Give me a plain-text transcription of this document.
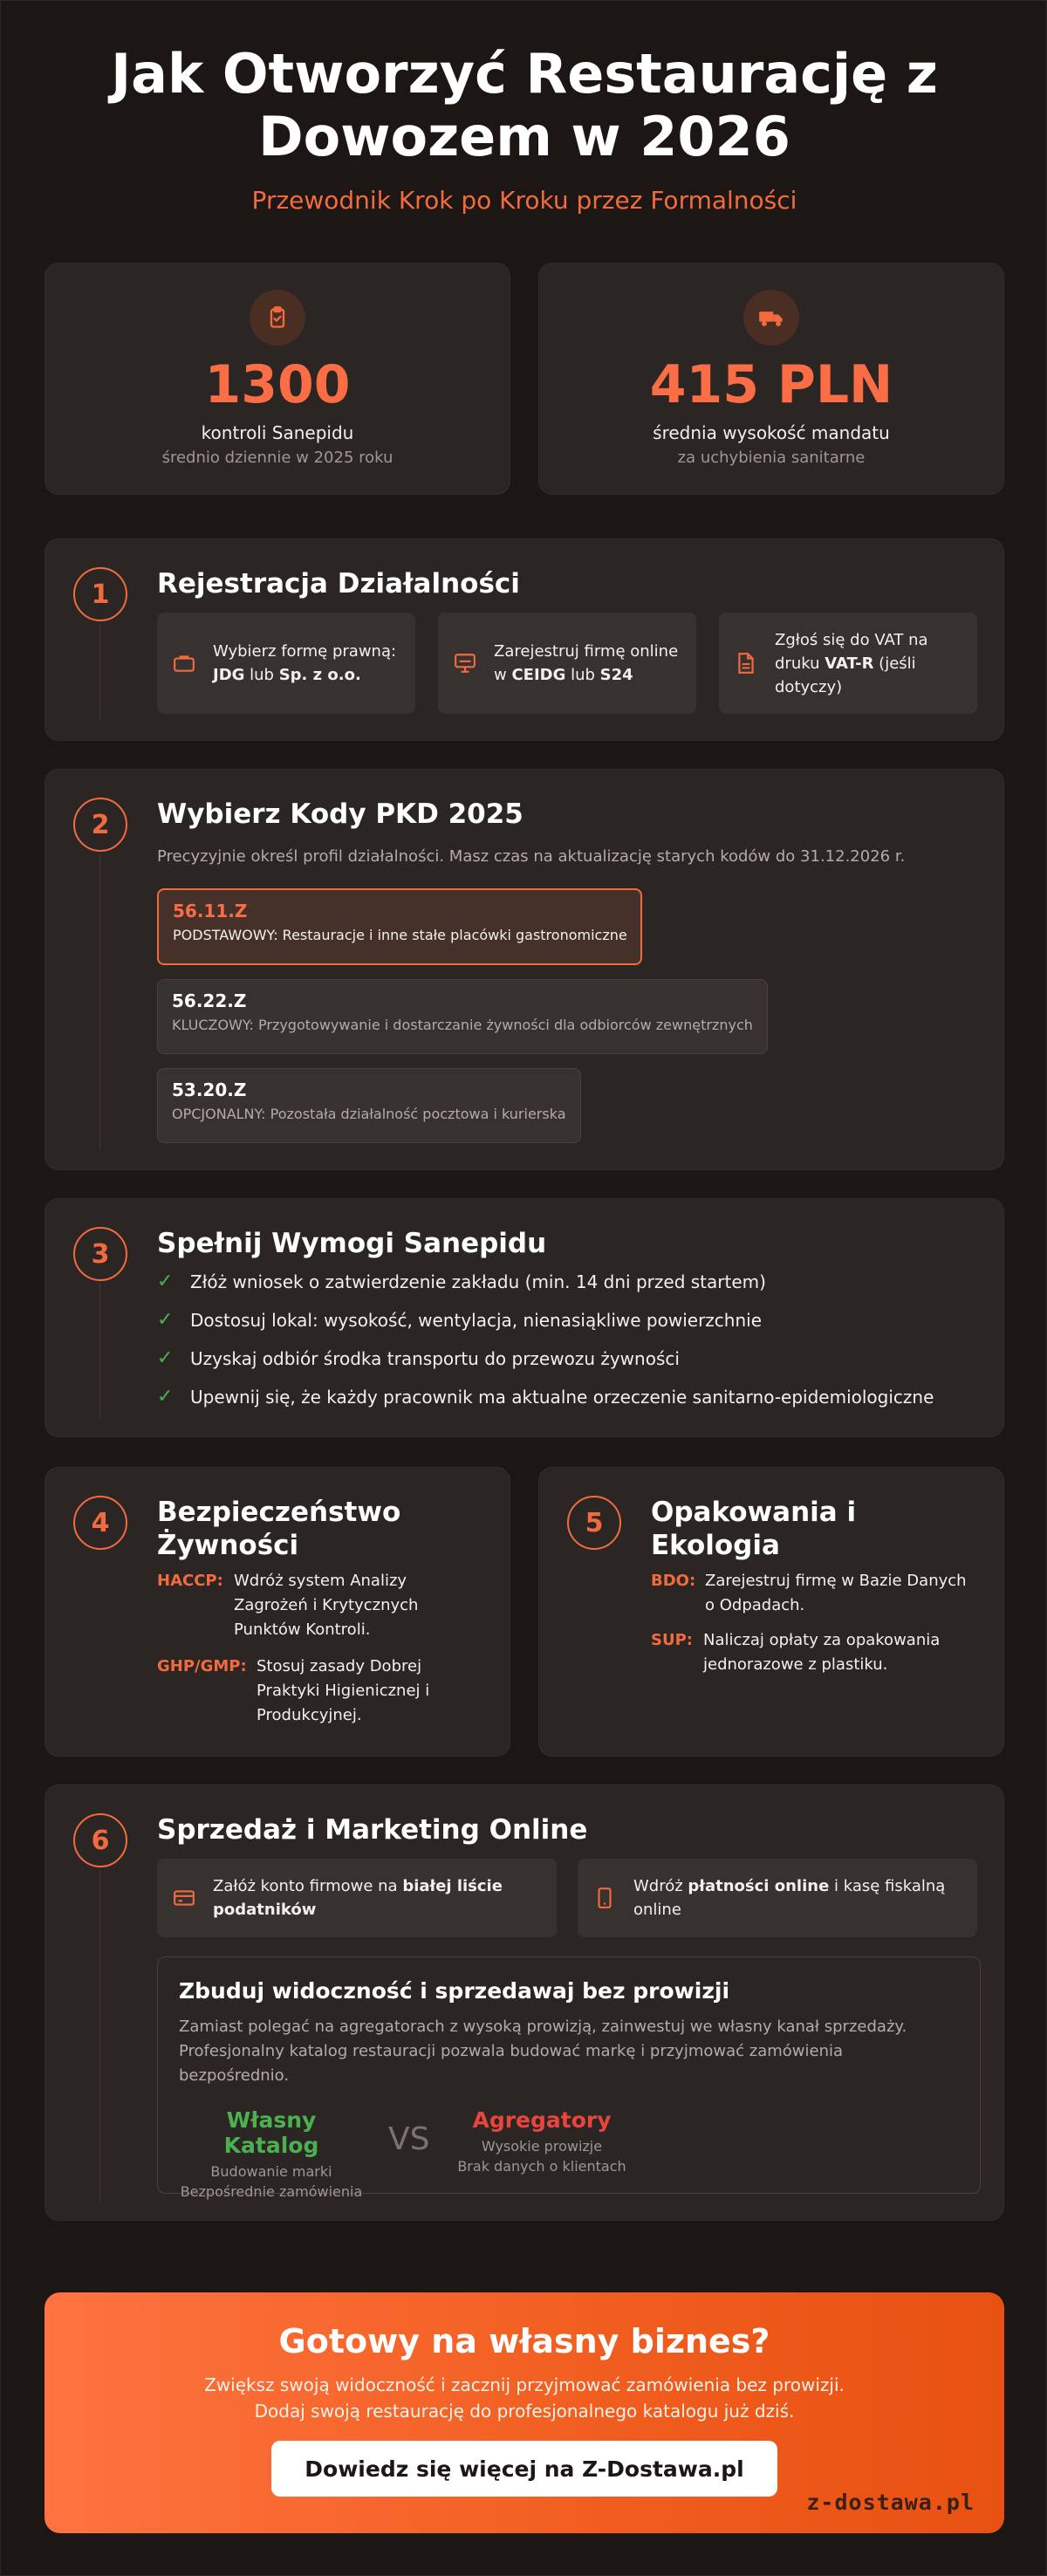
Jak Otworzyć Restaurację z
Dowozem w 2026
Przewodnik Krok po Kroku przez Formalności
1300
kontroli Sanepidu
średnio dziennie w 2025 roku
415 PLN
średnia wysokość mandatu
za uchybienia sanitarne
1	Rejestracja Działalności
Wybierz formę prawną: JDG lub Sp. z o.o.
Zarejestruj firmę online w CEIDG lub S24
Zgłoś się do VAT na druku VAT-R (jeśli dotyczy)
2	Wybierz Kody PKD 2025
Precyzyjnie określ profil działalności. Masz czas na aktualizację starych kodów do 31.12.2026 r.
56.11.Z
PODSTAWOWY: Restauracje i inne stałe placówki gastronomiczne
56.22.Z
KLUCZOWY: Przygotowywanie i dostarczanie żywności dla odbiorców zewnętrznych
53.20.Z
OPCJONALNY: Pozostała działalność pocztowa i kurierska
3	Spełnij Wymogi Sanepidu
✓ Złóż wniosek o zatwierdzenie zakładu (min. 14 dni przed startem)
✓ Dostosuj lokal: wysokość, wentylacja, nienasiąkliwe powierzchnie
✓ Uzyskaj odbiór środka transportu do przewozu żywności
✓ Upewnij się, że każdy pracownik ma aktualne orzeczenie sanitarno-epidemiologiczne
4	Bezpieczeństwo
Żywności
HACCP: Wdróż system Analizy
Zagrożeń i Krytycznych
Punktów Kontroli.
GHP/GMP: Stosuj zasady Dobrej
Praktyki Higienicznej i
Produkcyjnej.
5	Opakowania i
Ekologia
BDO: Zarejestruj firmę w Bazie Danych
o Odpadach.
SUP: Naliczaj opłaty za opakowania
jednorazowe z plastiku.
6	Sprzedaż i Marketing Online
Załóż konto firmowe na białej liście podatników
Wdróż płatności online i kasę fiskalną online
Zbuduj widoczność i sprzedawaj bez prowizji
Zamiast polegać na agregatorach z wysoką prowizją, zainwestuj we własny kanał sprzedaży.
Profesjonalny katalog restauracji pozwala budować markę i przyjmować zamówienia
bezpośrednio.
Własny Katalog
Budowanie marki
Bezpośrednie zamówienia
VS
Agregatory
Wysokie prowizje
Brak danych o klientach
Gotowy na własny biznes?
Zwiększ swoją widoczność i zacznij przyjmować zamówienia bez prowizji.
Dodaj swoją restaurację do profesjonalnego katalogu już dziś.
Dowiedz się więcej na Z-Dostawa.pl
z-dostawa.pl
